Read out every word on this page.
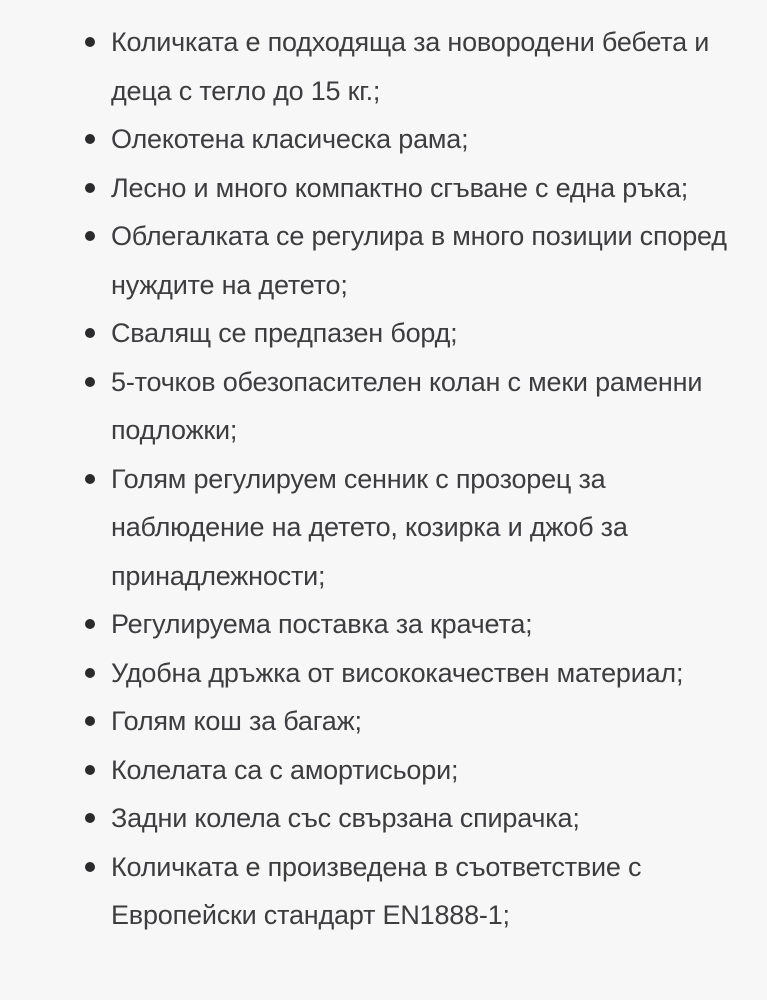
Количката е подходяща за новородени бебета и деца с тегло до 15 кг.;
Олекотена класическа рама;
Лесно и много компактно сгъване с една ръка;
Облегалката се регулира в много позиции според нуждите на детето;
Свалящ се предпазен борд;
5-точков обезопасителен колан с меки раменни подложки;
Голям регулируем сенник с прозорец за наблюдение на детето, козирка и джоб за принадлежности;
Регулируема поставка за крачета;
Удобна дръжка от висококачествен материал;
Голям кош за багаж;
Колелата са с амортисьори;
Задни колела със свързана спирачка;
Количката е произведена в съответствие с Европейски стандарт EN1888-1;
